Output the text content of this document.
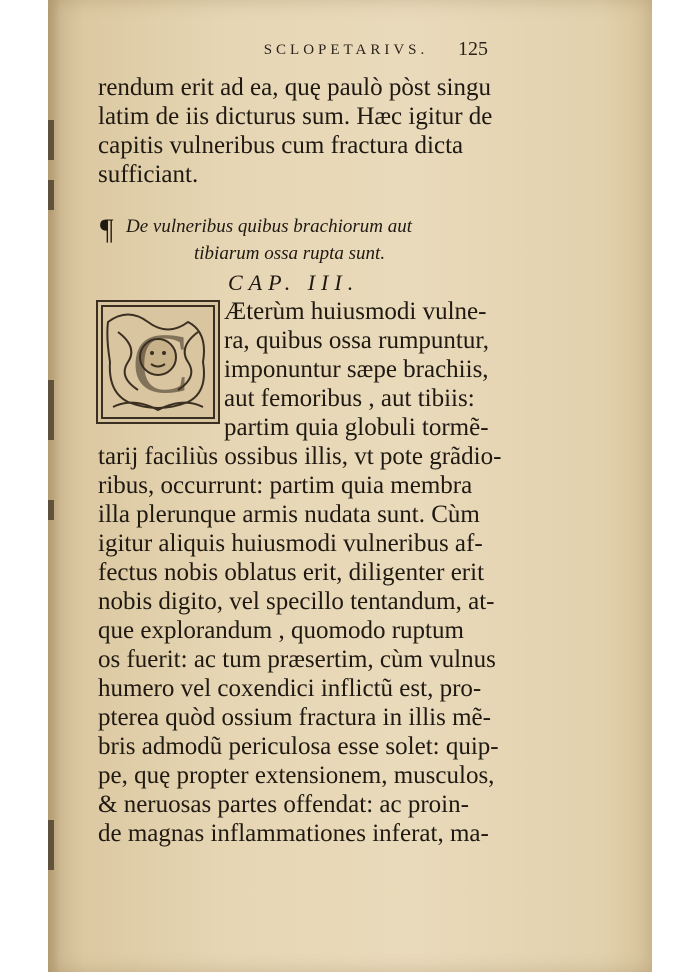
SCLOPETARIVS.	125
rendum erit ad ea, quę paulò pòst singu
latim de iis dicturus sum. Hæc igitur de
capitis vulneribus cum fractura dicta
sufficiant.
¶ De vulneribus quibus brachiorum aut
tibiarum ossa rupta sunt.
CAP. III.
C
Æterùm huiusmodi vulne-
ra, quibus ossa rumpuntur,
imponuntur sæpe brachiis,
aut femoribus , aut tibiis:
partim quia globuli tormẽ-
tarij faciliùs ossibus illis, vt pote grãdio-
ribus, occurrunt: partim quia membra
illa plerunque armis nudata sunt. Cùm
igitur aliquis huiusmodi vulneribus af-
fectus nobis oblatus erit, diligenter erit
nobis digito, vel specillo tentandum, at-
que explorandum , quomodo ruptum
os fuerit: ac tum præsertim, cùm vulnus
humero vel coxendici inflictũ est, pro-
pterea quòd ossium fractura in illis mẽ-
bris admodũ periculosa esse solet: quip-
pe, quę propter extensionem, musculos,
& neruosas partes offendat: ac proin-
de magnas inflammationes inferat, ma-
